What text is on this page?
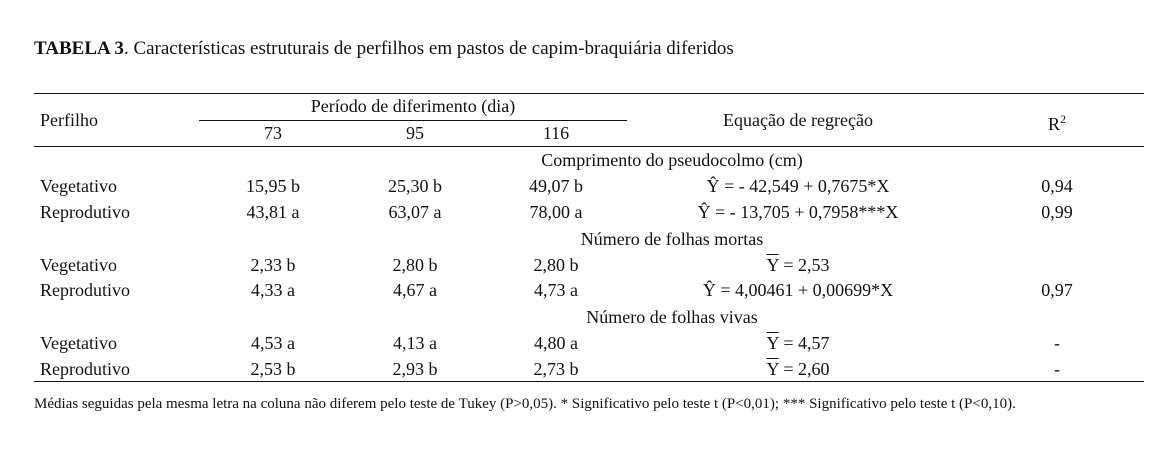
TABELA 3. Características estruturais de perfilhos em pastos de capim-braquiária diferidos
Perfilho
Período de diferimento (dia)
73	95	116
Equação de regreção	$R^2$
Comprimento do pseudocolmo (cm)
Vegetativo	15,95 b	25,30 b	49,07 b	Ŷ = - 42,549 + 0,7675*X	0,94
Reprodutivo	43,81 a	63,07 a	78,00 a	Ŷ = - 13,705 + 0,7958***X	0,99
Número de folhas mortas
Vegetativo	2,33 b	2,80 b	2,80 b	$\overline{Y} = 2,53$
Reprodutivo	4,33 a	4,67 a	4,73 a	Ŷ = 4,00461 + 0,00699*X	0,97
Número de folhas vivas
Vegetativo	4,53 a	4,13 a	4,80 a	$\overline{Y} = 4,57$	-
Reprodutivo	2,53 b	2,93 b	2,73 b	$\overline{Y} = 2,60$	-
Médias seguidas pela mesma letra na coluna não diferem pelo teste de Tukey (P>0,05). * Significativo pelo teste t (P<0,01); *** Significativo pelo teste t (P<0,10).
